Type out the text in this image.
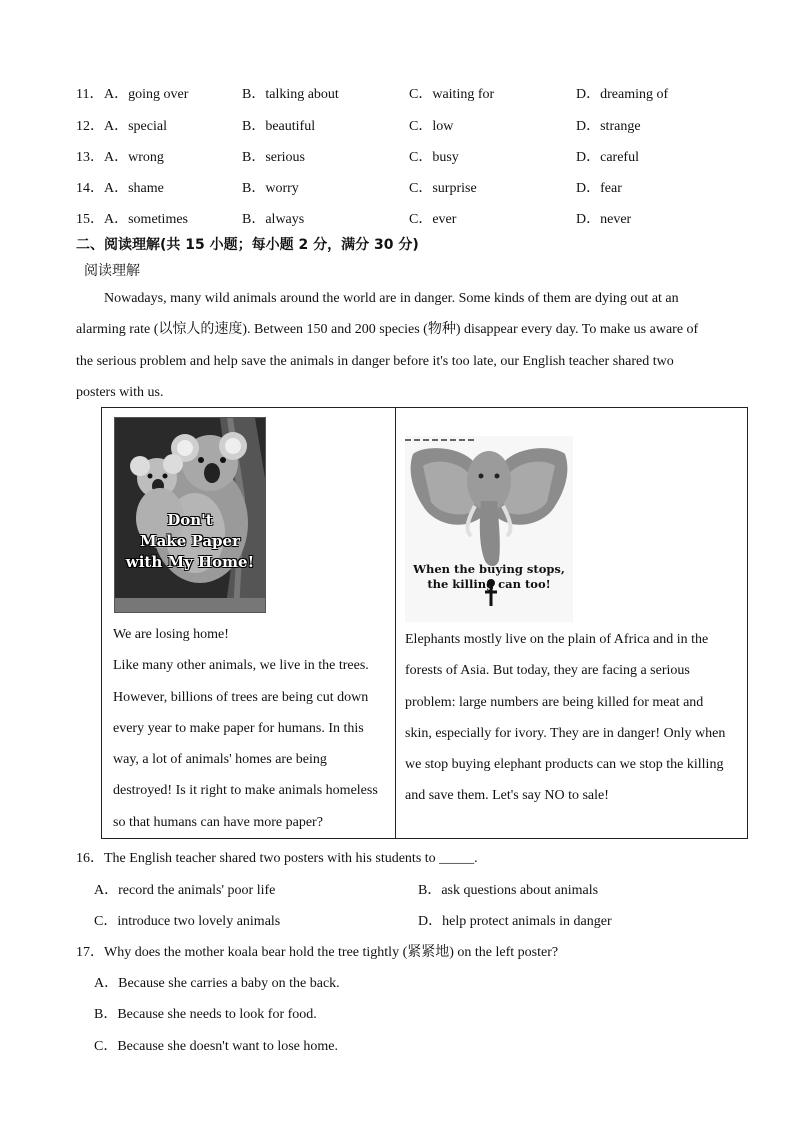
11． A．going over	B．talking about	C．waiting for	D．dreaming of
12． A．special	B．beautiful	C．low	D．strange
13． A．wrong	B．serious	C．busy	D．careful
14． A．shame	B．worry	C．surprise	D．fear
15． A．sometimes	B．always	C．ever	D．never
二、阅读理解(共 15 小题；每小题 2 分，满分 30 分)
阅读理解
Nowadays, many wild animals around the world are in danger. Some kinds of them are dying out at an
alarming rate (以惊人的速度). Between 150 and 200 species (物种) disappear every day. To make us aware of
the serious problem and help save the animals in danger before it's too late, our English teacher shared two
posters with us.
Don't
Make Paper
with My Home!
We are losing home!
Like many other animals, we live in the trees.
However, billions of trees are being cut down
every year to make paper for humans. In this
way, a lot of animals' homes are being
destroyed! Is it right to make animals homeless
so that humans can have more paper?
When the buying stops,
the killing can too!
Elephants mostly live on the plain of Africa and in the
forests of Asia. But today, they are facing a serious
problem: large numbers are being killed for meat and
skin, especially for ivory. They are in danger! Only when
we stop buying elephant products can we stop the killing
and save them. Let's say NO to sale!
16．The English teacher shared two posters with his students to _____.
A．record the animals' poor life	B．ask questions about animals
C．introduce two lovely animals	D．help protect animals in danger
17．Why does the mother koala bear hold the tree tightly (紧紧地) on the left poster?
A．Because she carries a baby on the back.
B．Because she needs to look for food.
C．Because she doesn't want to lose home.
